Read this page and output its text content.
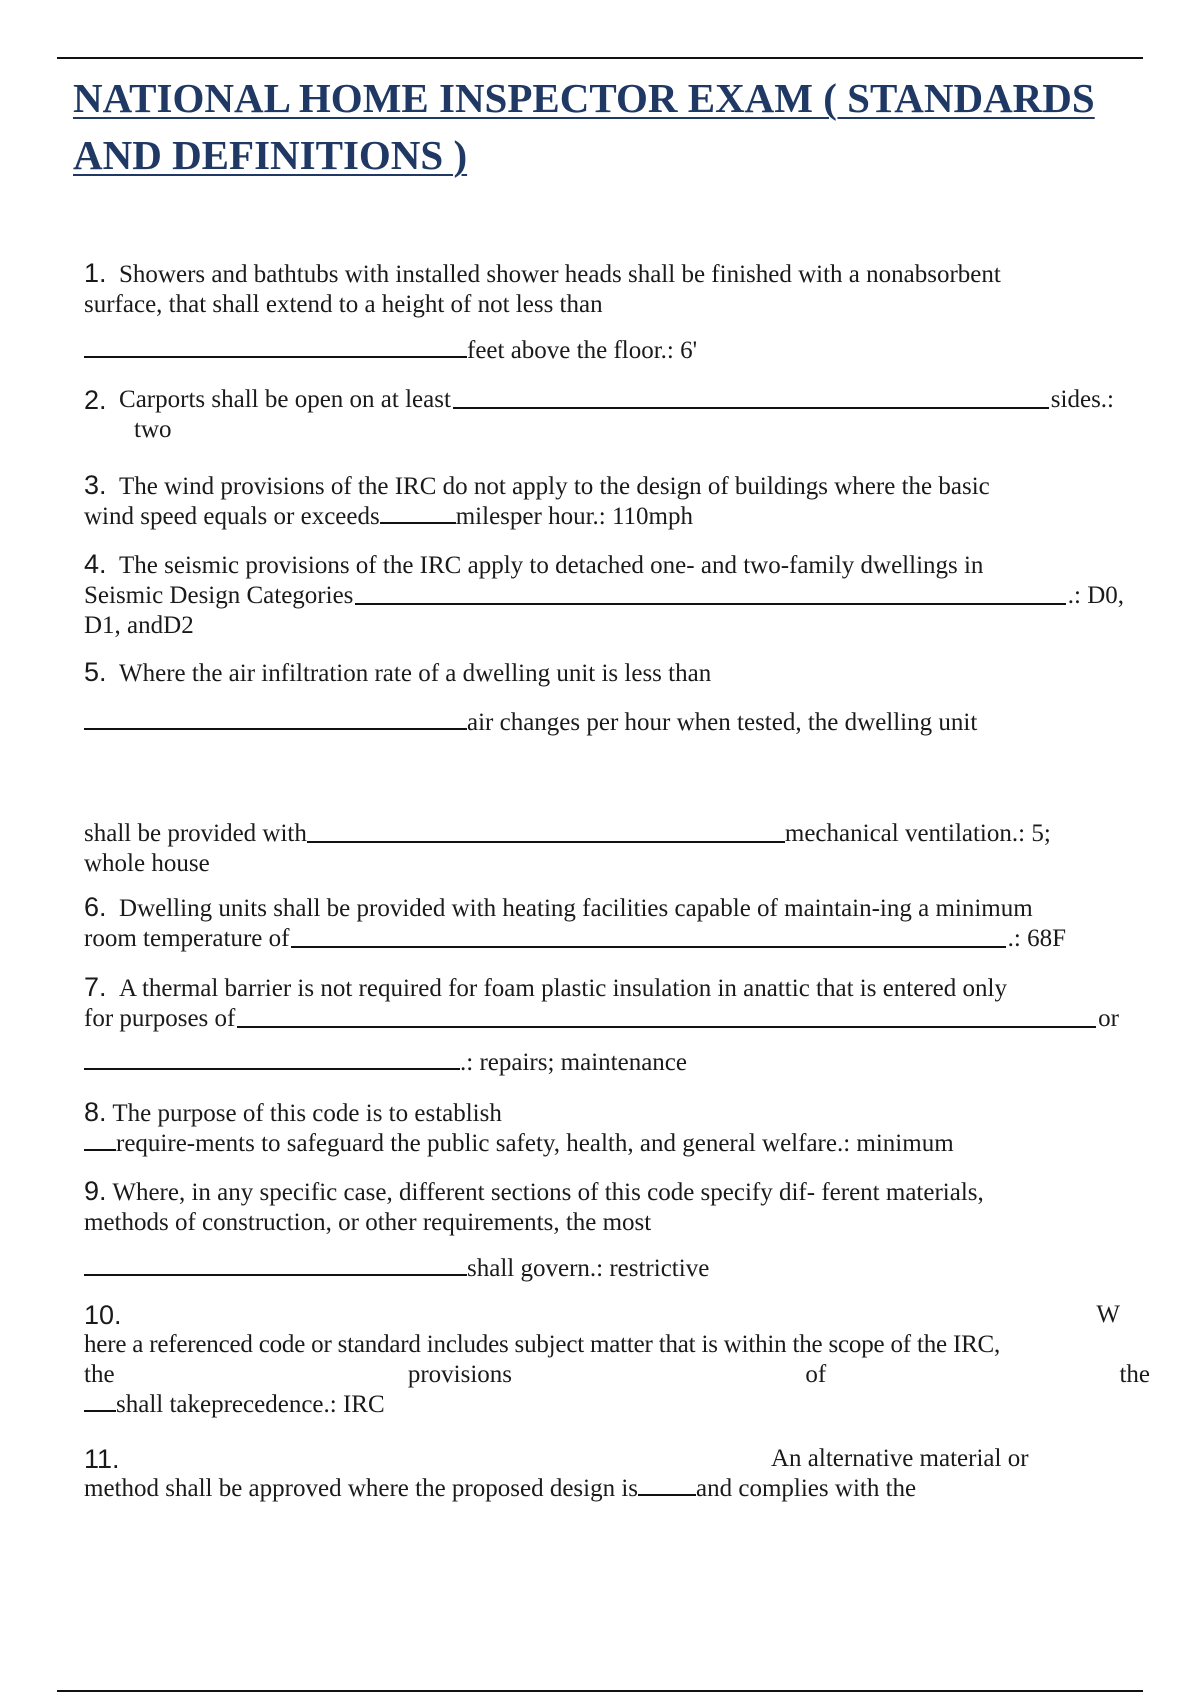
NATIONAL HOME INSPECTOR EXAM ( STANDARDS AND DEFINITIONS )
1. Showers and bathtubs with installed shower heads shall be finished with a nonabsorbent
surface, that shall extend to a height of not less than
feet above the floor.: 6'
2.
Carports shall be open on at least	sides.:
two
3. The wind provisions of the IRC do not apply to the design of buildings where the basic
wind speed equals or exceeds	milesper hour.: 110mph
4. The seismic provisions of the IRC apply to detached one- and two-family dwellings in
Seismic Design Categories	.: D0,
D1, andD2
5. Where the air infiltration rate of a dwelling unit is less than
air changes per hour when tested, the dwelling unit
shall be provided with	mechanical ventilation.: 5;
whole house
6. Dwelling units shall be provided with heating facilities capable of maintain-ing a minimum
room temperature of	.: 68F
7. A thermal barrier is not required for foam plastic insulation in anattic that is entered only
for purposes of	or
.: repairs; maintenance
8. The purpose of this code is to establish
require-ments to safeguard the public safety, health, and general welfare.: minimum
9. Where, in any specific case, different sections of this code specify dif- ferent materials,
methods of construction, or other requirements, the most
shall govern.: restrictive
10.	W
here a referenced code or standard includes subject matter that is within the scope of the IRC,
the	provisions	of	the
shall takeprecedence.: IRC
11.	An alternative material or
method shall be approved where the proposed design is and complies with the
